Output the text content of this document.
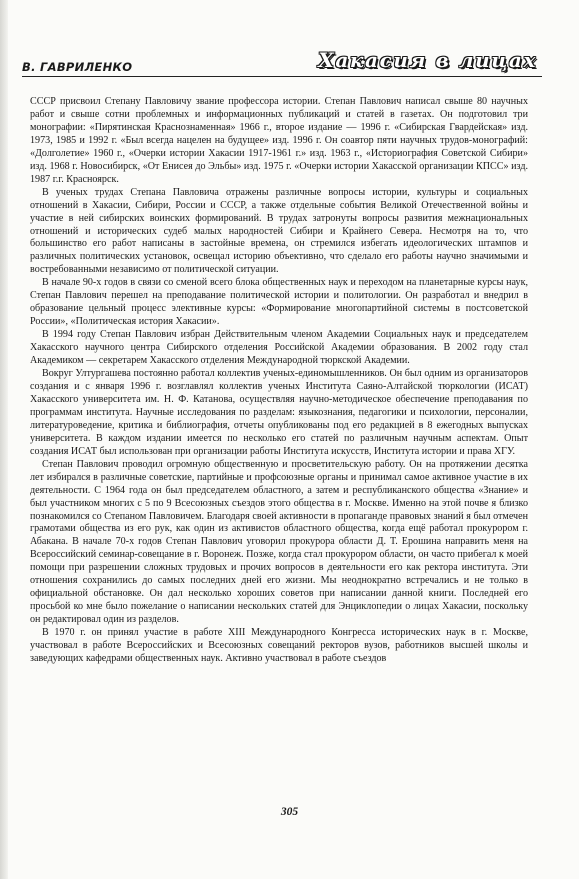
В. ГАВРИЛЕНКО	Хакасия в лицах

СССР присвоил Степану Павловичу звание профессора истории. Степан Павлович написал свыше 80 научных работ и свыше сотни проблемных и информационных публикаций и статей в газетах. Он подготовил три монографии: «Пирятинская Краснознаменная» 1966 г., второе издание — 1996 г. «Сибирская Гвардейская» изд. 1973, 1985 и 1992 г. «Был всегда нацелен на будущее» изд. 1996 г. Он соавтор пяти научных трудов-монографий: «Долголетие» 1960 г., «Очерки истории Хакасии 1917-1961 г.» изд. 1963 г., «Историография Советской Сибири» изд. 1968 г. Новосибирск, «От Енисея до Эльбы» изд. 1975 г. «Очерки истории Хакасской организации КПСС» изд. 1987 г.г. Красноярск.

В ученых трудах Степана Павловича отражены различные вопросы истории, культуры и социальных отношений в Хакасии, Сибири, России и СССР, а также отдельные события Великой Отечественной войны и участие в ней сибирских воинских формирований. В трудах затронуты вопросы развития межнациональных отношений и исторических судеб малых народностей Сибири и Крайнего Севера. Несмотря на то, что большинство его работ написаны в застойные времена, он стремился избегать идеологических штампов и различных политических установок, освещал историю объективно, что сделало его работы научно значимыми и востребованными независимо от политической ситуации.

В начале 90-х годов в связи со сменой всего блока общественных наук и переходом на планетарные курсы наук, Степан Павлович перешел на преподавание политической истории и политологии. Он разработал и внедрил в образование цельный процесс элективные курсы: «Формирование многопартийной системы в постсоветской России», «Политическая история Хакасии».

В 1994 году Степан Павлович избран Действительным членом Академии Социальных наук и председателем Хакасского научного центра Сибирского отделения Российской Академии образования. В 2002 году стал Академиком — секретарем Хакасского отделения Международной тюркской Академии.

Вокруг Ултургашева постоянно работал коллектив ученых-единомышленников. Он был одним из организаторов создания и с января 1996 г. возглавлял коллектив ученых Института Саяно-Алтайской тюркологии (ИСАТ) Хакасского университета им. Н. Ф. Катанова, осуществляя научно-методическое обеспечение преподавания по программам института. Научные исследования по разделам: языкознания, педагогики и психологии, персоналии, литературоведение, критика и библиография, отчеты опубликованы под его редакцией в 8 ежегодных выпусках университета. В каждом издании имеется по несколько его статей по различным научным аспектам. Опыт создания ИСАТ был использован при организации работы Института искусств, Института истории и права ХГУ.

Степан Павлович проводил огромную общественную и просветительскую работу. Он на протяжении десятка лет избирался в различные советские, партийные и профсоюзные органы и принимал самое активное участие в их деятельности. С 1964 года он был председателем областного, а затем и республиканского общества «Знание» и был участником многих с 5 по 9 Всесоюзных съездов этого общества в г. Москве. Именно на этой почве я близко познакомился со Степаном Павловичем. Благодаря своей активности в пропаганде правовых знаний я был отмечен грамотами общества из его рук, как один из активистов областного общества, когда ещё работал прокурором г. Абакана. В начале 70-х годов Степан Павлович уговорил прокурора области Д. Т. Ерошина направить меня на Всероссийский семинар-совещание в г. Воронеж. Позже, когда стал прокурором области, он часто прибегал к моей помощи при разрешении сложных трудовых и прочих вопросов в деятельности его как ректора института. Эти отношения сохранились до самых последних дней его жизни. Мы неоднократно встречались и не только в официальной обстановке. Он дал несколько хороших советов при написании данной книги. Последней его просьбой ко мне было пожелание о написании нескольких статей для Энциклопедии о лицах Хакасии, поскольку он редактировал один из разделов.

В 1970 г. он принял участие в работе XIII Международного Конгресса исторических наук в г. Москве, участвовал в работе Всероссийских и Всесоюзных совещаний ректоров вузов, работников высшей школы и заведующих кафедрами общественных наук. Активно участвовал в работе съездов

305
